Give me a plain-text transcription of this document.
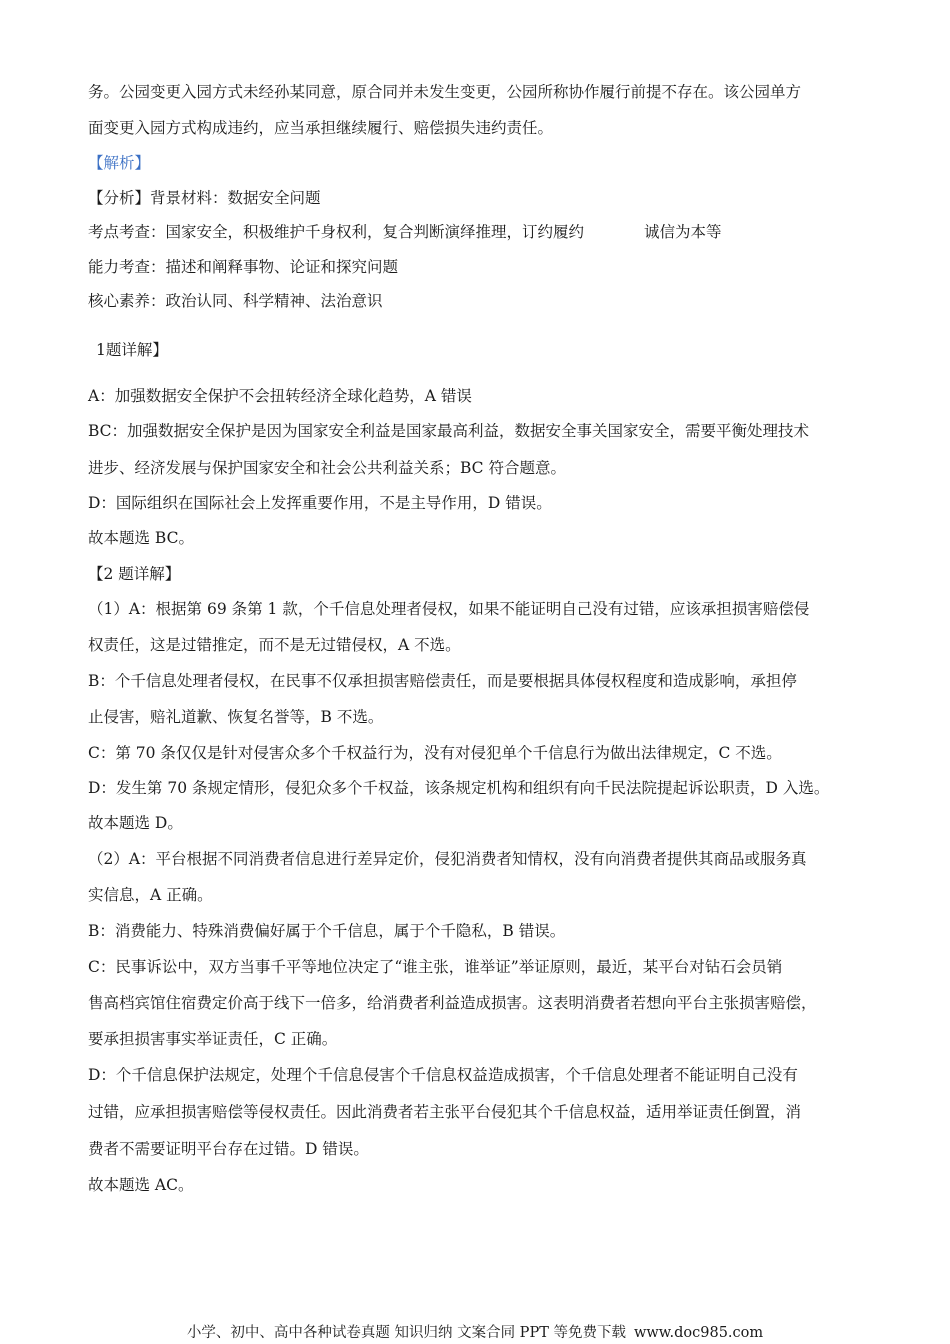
务。公园变更入园方式未经孙某同意，原合同并未发生变更，公园所称协作履行前提不存在。该公园单方
面变更入园方式构成违约，应当承担继续履行、赔偿损失违约责任。
【解析】
【分析】背景材料：数据安全问题
考点考查：国家安全，积极维护千身权利，复合判断演绎推理，订约履约	诚信为本等
能力考查：描述和阐释事物、论证和探究问题
核心素养：政治认同、科学精神、法治意识
1题详解】
A：加强数据安全保护不会扭转经济全球化趋势，A 错误
BC：加强数据安全保护是因为国家安全利益是国家最高利益，数据安全事关国家安全，需要平衡处理技术
进步、经济发展与保护国家安全和社会公共利益关系；BC 符合题意。
D：国际组织在国际社会上发挥重要作用，不是主导作用，D 错误。
故本题选 BC。
【2 题详解】
（1）A：根据第 69 条第 1 款，个千信息处理者侵权，如果不能证明自己没有过错，应该承担损害赔偿侵
权责任，这是过错推定，而不是无过错侵权，A 不选。
B：个千信息处理者侵权，在民事不仅承担损害赔偿责任，而是要根据具体侵权程度和造成影响，承担停
止侵害，赔礼道歉、恢复名誉等，B 不选。
C：第 70 条仅仅是针对侵害众多个千权益行为，没有对侵犯单个千信息行为做出法律规定，C 不选。
D：发生第 70 条规定情形，侵犯众多个千权益，该条规定机构和组织有向千民法院提起诉讼职责，D 入选。
故本题选 D。
（2）A：平台根据不同消费者信息进行差异定价，侵犯消费者知情权，没有向消费者提供其商品或服务真
实信息，A 正确。
B：消费能力、特殊消费偏好属于个千信息，属于个千隐私，B 错误。
C：民事诉讼中，双方当事千平等地位决定了“谁主张，谁举证”举证原则，最近，某平台对钻石会员销
售高档宾馆住宿费定价高于线下一倍多，给消费者利益造成损害。这表明消费者若想向平台主张损害赔偿，
要承担损害事实举证责任，C 正确。
D：个千信息保护法规定，处理个千信息侵害个千信息权益造成损害，个千信息处理者不能证明自己没有
过错，应承担损害赔偿等侵权责任。因此消费者若主张平台侵犯其个千信息权益，适用举证责任倒置，消
费者不需要证明平台存在过错。D 错误。
故本题选 AC。
小学、初中、高中各种试卷真题 知识归纳 文案合同 PPT 等免费下载 www.doc985.com
